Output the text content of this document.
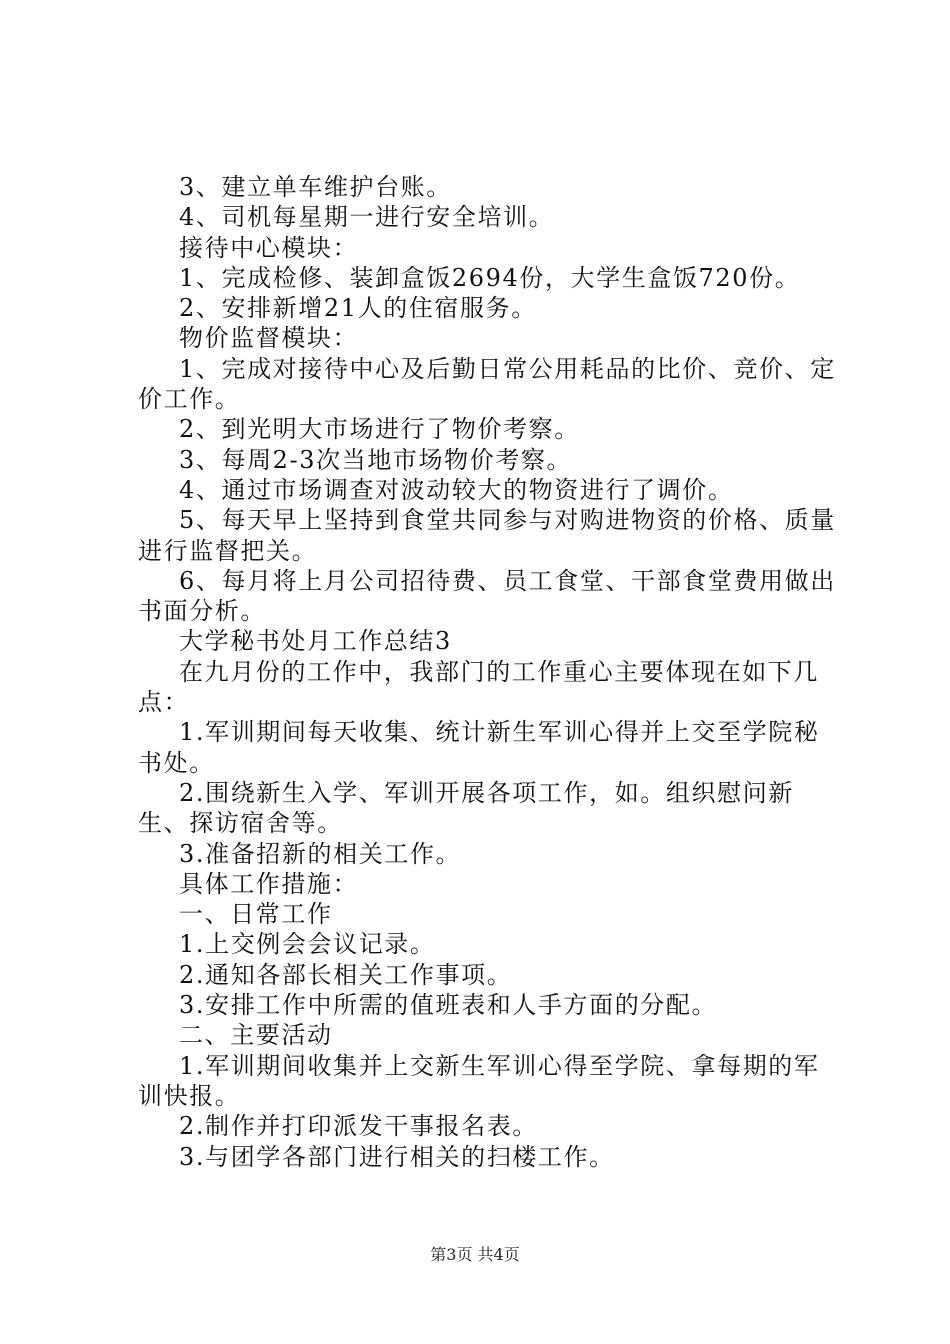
3、建立单车维护台账。

4、司机每星期一进行安全培训。

接待中心模块：

1、完成检修、装卸盒饭2694份，大学生盒饭720份。

2、安排新增21人的住宿服务。

物价监督模块：

1、完成对接待中心及后勤日常公用耗品的比价、竞价、定价工作。

2、到光明大市场进行了物价考察。

3、每周2-3次当地市场物价考察。

4、通过市场调查对波动较大的物资进行了调价。

5、每天早上坚持到食堂共同参与对购进物资的价格、质量进行监督把关。

6、每月将上月公司招待费、员工食堂、干部食堂费用做出书面分析。

大学秘书处月工作总结3

在九月份的工作中，我部门的工作重心主要体现在如下几点：

1.军训期间每天收集、统计新生军训心得并上交至学院秘书处。

2.围绕新生入学、军训开展各项工作，如。组织慰问新生、探访宿舍等。

3.准备招新的相关工作。

具体工作措施：

一、日常工作

1.上交例会会议记录。

2.通知各部长相关工作事项。

3.安排工作中所需的值班表和人手方面的分配。

二、主要活动

1.军训期间收集并上交新生军训心得至学院、拿每期的军训快报。

2.制作并打印派发干事报名表。

3.与团学各部门进行相关的扫楼工作。

第3页 共4页
